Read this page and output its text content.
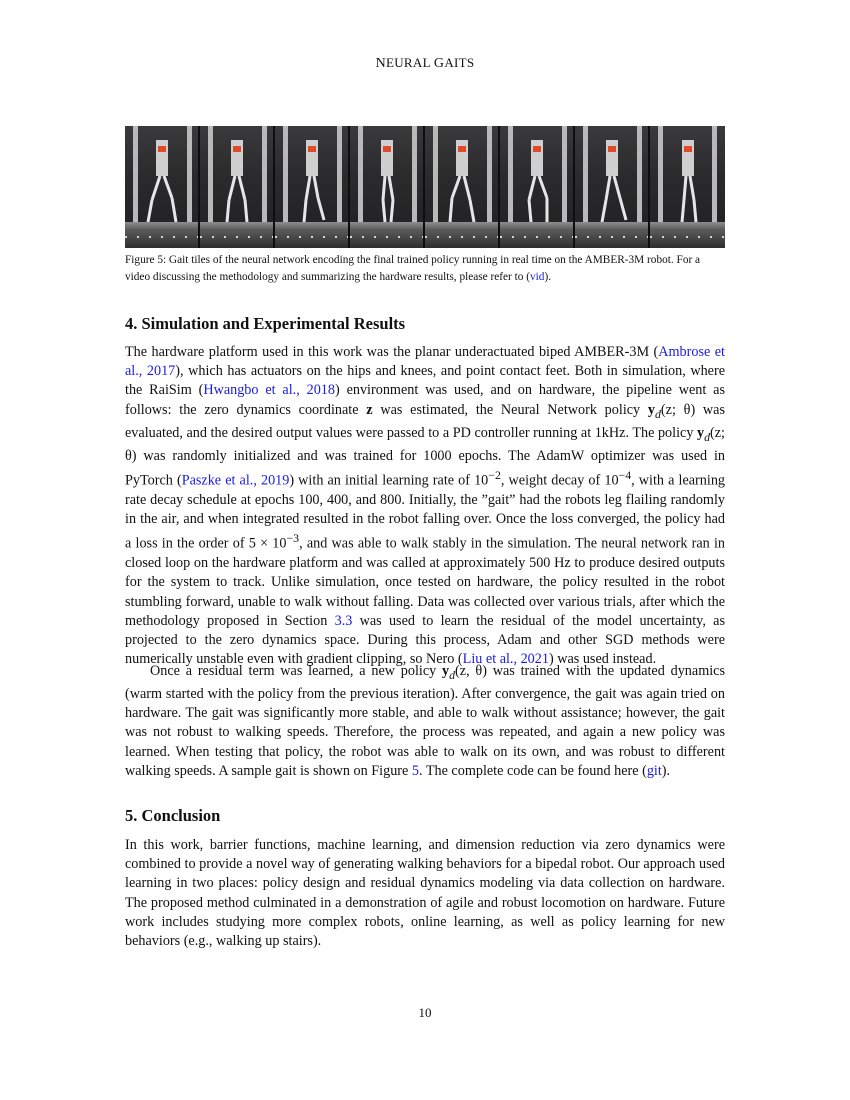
NEURAL GAITS
Figure 5: Gait tiles of the neural network encoding the final trained policy running in real time on the AMBER-3M robot. For a video discussing the methodology and summarizing the hardware results, please refer to (vid).
4. Simulation and Experimental Results
The hardware platform used in this work was the planar underactuated biped AMBER-3M (Ambrose et al., 2017), which has actuators on the hips and knees, and point contact feet. Both in simulation, where the RaiSim (Hwangbo et al., 2018) environment was used, and on hardware, the pipeline went as follows: the zero dynamics coordinate z was estimated, the Neural Network policy $y_d(z$; θ) was evaluated, and the desired output values were passed to a PD controller running at 1kHz. The policy $y_d(z$; θ) was randomly initialized and was trained for 1000 epochs. The AdamW optimizer was used in PyTorch (Paszke et al., 2019) with an initial learning rate of $10^{-2}$, weight decay of $10^{-4}$, with a learning rate decay schedule at epochs 100, 400, and 800. Initially, the ”gait” had the robots leg flailing randomly in the air, and when integrated resulted in the robot falling over. Once the loss converged, the policy had a loss in the order of $5 \times 10^{-3}$, and was able to walk stably in the simulation. The neural network ran in closed loop on the hardware platform and was called at approximately 500 Hz to produce desired outputs for the system to track. Unlike simulation, once tested on hardware, the policy resulted in the robot stumbling forward, unable to walk without falling. Data was collected over various trials, after which the methodology proposed in Section 3.3 was used to learn the residual of the model uncertainty, as projected to the zero dynamics space. During this process, Adam and other SGD methods were numerically unstable even with gradient clipping, so Nero (Liu et al., 2021) was used instead.
Once a residual term was learned, a new policy $y_d(z$, θ) was trained with the updated dynamics (warm started with the policy from the previous iteration). After convergence, the gait was again tried on hardware. The gait was significantly more stable, and able to walk without assistance; however, the gait was not robust to walking speeds. Therefore, the process was repeated, and again a new policy was learned. When testing that policy, the robot was able to walk on its own, and was robust to different walking speeds. A sample gait is shown on Figure 5. The complete code can be found here (git).
5. Conclusion
In this work, barrier functions, machine learning, and dimension reduction via zero dynamics were combined to provide a novel way of generating walking behaviors for a bipedal robot. Our approach used learning in two places: policy design and residual dynamics modeling via data collection on hardware. The proposed method culminated in a demonstration of agile and robust locomotion on hardware. Future work includes studying more complex robots, online learning, as well as policy learning for new behaviors (e.g., walking up stairs).
10
